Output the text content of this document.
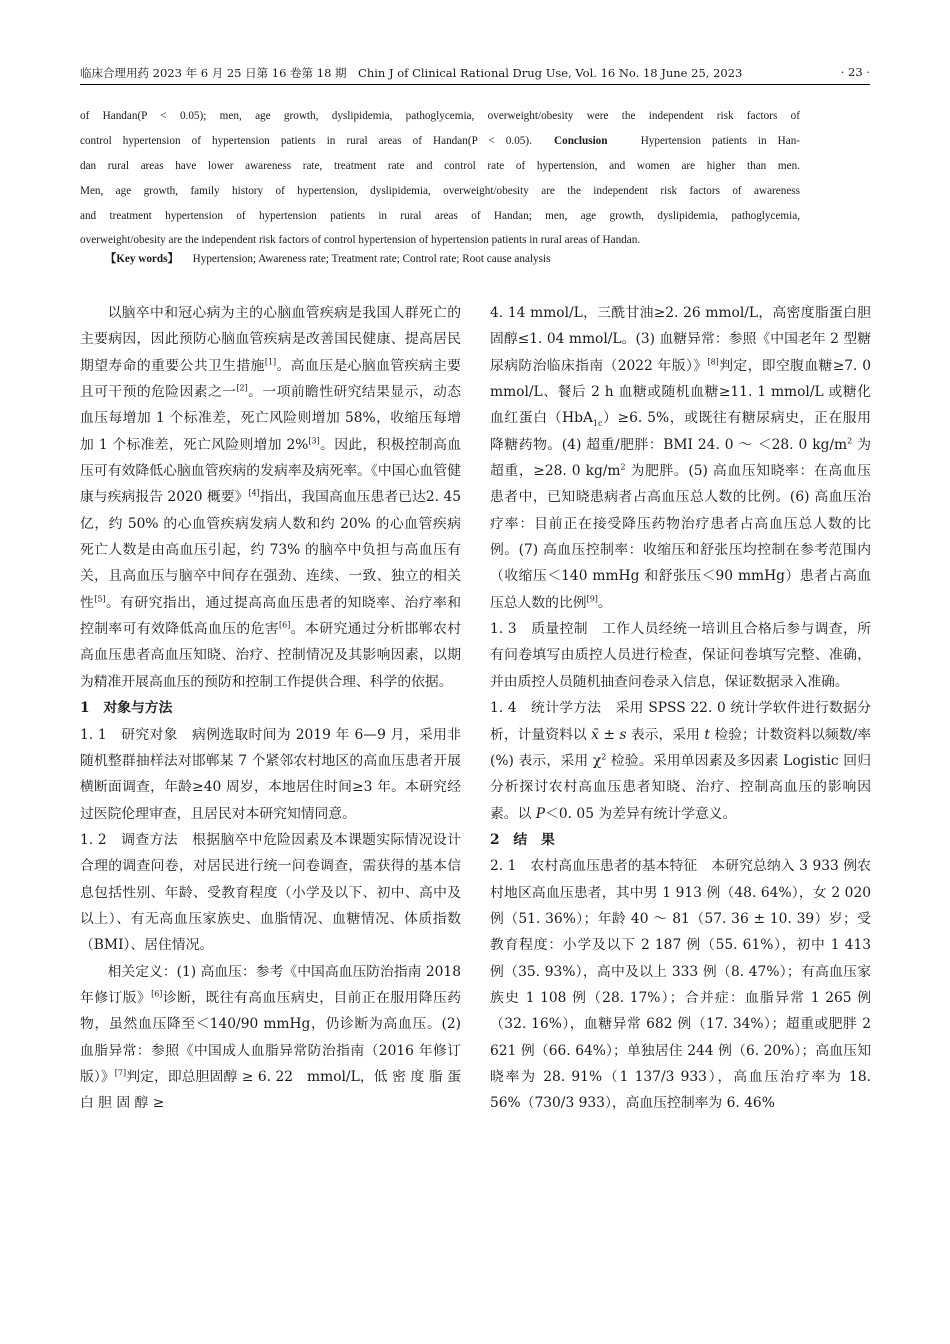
临床合理用药 2023 年 6 月 25 日第 16 卷第 18 期　Chin J of Clinical Rational Drug Use, Vol. 16 No. 18 June 25, 2023	· 23 ·
of Handan(P < 0.05); men, age growth, dyslipidemia, pathoglycemia, overweight/obesity were the independent risk factors of
control hypertension of hypertension patients in rural areas of Handan(P < 0.05). Conclusion	Hypertension patients in Han-
dan rural areas have lower awareness rate, treatment rate and control rate of hypertension, and women are higher than men.
Men, age growth, family history of hypertension, dyslipidemia, overweight/obesity are the independent risk factors of awareness
and treatment hypertension of hypertension patients in rural areas of Handan; men, age growth, dyslipidemia, pathoglycemia,
overweight/obesity are the independent risk factors of control hypertension of hypertension patients in rural areas of Handan.
【Key words】 Hypertension; Awareness rate; Treatment rate; Control rate; Root cause analysis

以脑卒中和冠心病为主的心脑血管疾病是我国人群死亡的主要病因，因此预防心脑血管疾病是改善国民健康、提高居民期望寿命的重要公共卫生措施[1]。高血压是心脑血管疾病主要且可干预的危险因素之一[2]。一项前瞻性研究结果显示，动态血压每增加 1 个标准差，死亡风险则增加 58%，收缩压每增加 1 个标准差，死亡风险则增加 2%[3]。因此，积极控制高血压可有效降低心脑血管疾病的发病率及病死率。《中国心血管健康与疾病报告 2020 概要》[4]指出，我国高血压患者已达2. 45 亿，约 50% 的心血管疾病发病人数和约 20% 的心血管疾病死亡人数是由高血压引起，约 73% 的脑卒中负担与高血压有关，且高血压与脑卒中间存在强劲、连续、一致、独立的相关性[5]。有研究指出，通过提高高血压患者的知晓率、治疗率和控制率可有效降低高血压的危害[6]。本研究通过分析邯郸农村高血压患者高血压知晓、治疗、控制情况及其影响因素，以期为精准开展高血压的预防和控制工作提供合理、科学的依据。

1　对象与方法

1. 1　研究对象　病例选取时间为 2019 年 6—9 月，采用非随机整群抽样法对邯郸某 7 个紧邻农村地区的高血压患者开展横断面调查，年龄≥40 周岁，本地居住时间≥3 年。本研究经过医院伦理审查，且居民对本研究知情同意。

1. 2　调查方法　根据脑卒中危险因素及本课题实际情况设计合理的调查问卷，对居民进行统一问卷调查，需获得的基本信息包括性别、年龄、受教育程度（小学及以下、初中、高中及以上）、有无高血压家族史、血脂情况、血糖情况、体质指数（BMI）、居住情况。

相关定义：(1) 高血压：参考《中国高血压防治指南 2018 年修订版》[6]诊断，既往有高血压病史，目前正在服用降压药物，虽然血压降至＜140/90 mmHg，仍诊断为高血压。(2) 血脂异常：参照《中国成人血脂异常防治指南（2016 年修订版）》[7]判定，即总胆固醇 ≥ 6. 22　mmol/L，低 密 度 脂 蛋 白 胆 固 醇 ≥

4. 14 mmol/L，三酰甘油≥2. 26 mmol/L，高密度脂蛋白胆固醇≤1. 04 mmol/L。(3) 血糖异常：参照《中国老年 2 型糖尿病防治临床指南（2022 年版）》[8]判定，即空腹血糖≥7. 0 mmol/L、餐后 2 h 血糖或随机血糖≥11. 1 mmol/L 或糖化血红蛋白（HbA$_{1c}$）≥6. 5%，或既往有糖尿病史，正在服用降糖药物。(4) 超重/肥胖：BMI 24. 0 ～ ＜28. 0 $kg/m^2$ 为超重，≥28. 0 $kg/m^2$ 为肥胖。(5) 高血压知晓率：在高血压患者中，已知晓患病者占高血压总人数的比例。(6) 高血压治疗率：目前正在接受降压药物治疗患者占高血压总人数的比例。(7) 高血压控制率：收缩压和舒张压均控制在参考范围内（收缩压＜140 mmHg 和舒张压＜90 mmHg）患者占高血压总人数的比例[9]。

1. 3　质量控制　工作人员经统一培训且合格后参与调查，所有问卷填写由质控人员进行检查，保证问卷填写完整、准确，并由质控人员随机抽查问卷录入信息，保证数据录入准确。

1. 4　统计学方法　采用 SPSS 22. 0 统计学软件进行数据分析，计量资料以 x̄ ± s 表示，采用 t 检验；计数资料以频数/率(%) 表示，采用 $\chi^2$ 检验。采用单因素及多因素 Logistic 回归分析探讨农村高血压患者知晓、治疗、控制高血压的影响因素。以 P＜0. 05 为差异有统计学意义。

2　结　果

2. 1　农村高血压患者的基本特征　本研究总纳入 3 933 例农村地区高血压患者，其中男 1 913 例（48. 64%），女 2 020 例（51. 36%）；年龄 40 ～ 81（57. 36 ± 10. 39）岁；受教育程度：小学及以下 2 187 例（55. 61%），初中 1 413 例（35. 93%），高中及以上 333 例（8. 47%）；有高血压家族史 1 108 例（28. 17%）；合并症：血脂异常 1 265 例（32. 16%），血糖异常 682 例（17. 34%）；超重或肥胖 2 621 例（66. 64%）；单独居住 244 例（6. 20%）；高血压知晓率为 28. 91%（1 137/3 933），高血压治疗率为 18. 56%（730/3 933），高血压控制率为 6. 46%
